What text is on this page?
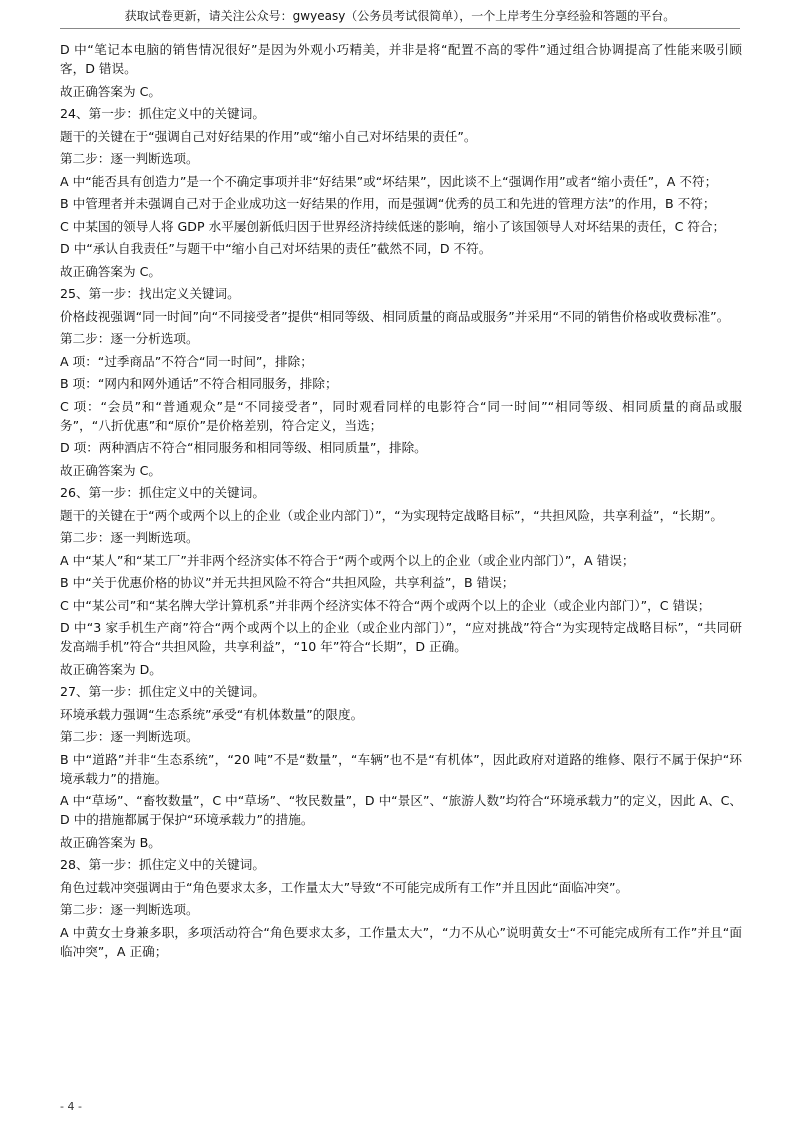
获取试卷更新，请关注公众号：gwyeasy（公务员考试很简单），一个上岸考生分享经验和答题的平台。

D 中“笔记本电脑的销售情况很好”是因为外观小巧精美，并非是将“配置不高的零件”通过组合协调提高了性能来吸引顾客，D 错误。

故正确答案为 C。

24、第一步：抓住定义中的关键词。

题干的关键在于“强调自己对好结果的作用”或“缩小自己对坏结果的责任”。

第二步：逐一判断选项。

A 中“能否具有创造力”是一个不确定事项并非“好结果”或“坏结果”，因此谈不上“强调作用”或者“缩小责任”，A 不符；

B 中管理者并未强调自己对于企业成功这一好结果的作用，而是强调“优秀的员工和先进的管理方法”的作用，B 不符；

C 中某国的领导人将 GDP 水平屡创新低归因于世界经济持续低迷的影响，缩小了该国领导人对坏结果的责任，C 符合；

D 中“承认自我责任”与题干中“缩小自己对坏结果的责任”截然不同，D 不符。

故正确答案为 C。

25、第一步：找出定义关键词。

价格歧视强调“同一时间”向“不同接受者”提供“相同等级、相同质量的商品或服务”并采用“不同的销售价格或收费标准”。

第二步：逐一分析选项。

A 项：“过季商品”不符合“同一时间”，排除；

B 项：“网内和网外通话”不符合相同服务，排除；

C 项：“会员”和“普通观众”是“不同接受者”，同时观看同样的电影符合“同一时间”“相同等级、相同质量的商品或服务”，“八折优惠”和“原价”是价格差别，符合定义，当选；

D 项：两种酒店不符合“相同服务和相同等级、相同质量”，排除。

故正确答案为 C。

26、第一步：抓住定义中的关键词。

题干的关键在于“两个或两个以上的企业（或企业内部门）”，“为实现特定战略目标”，“共担风险，共享利益”，“长期”。

第二步：逐一判断选项。

A 中“某人”和“某工厂”并非两个经济实体不符合于“两个或两个以上的企业（或企业内部门）”，A 错误；

B 中“关于优惠价格的协议”并无共担风险不符合“共担风险，共享利益”，B 错误；

C 中“某公司”和“某名牌大学计算机系”并非两个经济实体不符合“两个或两个以上的企业（或企业内部门）”，C 错误；

D 中“3 家手机生产商”符合“两个或两个以上的企业（或企业内部门）”，“应对挑战”符合“为实现特定战略目标”，“共同研发高端手机”符合“共担风险，共享利益”，“10 年”符合“长期”，D 正确。

故正确答案为 D。

27、第一步：抓住定义中的关键词。

环境承载力强调“生态系统”承受“有机体数量”的限度。

第二步：逐一判断选项。

B 中“道路”并非“生态系统”，“20 吨”不是“数量”，“车辆”也不是“有机体”，因此政府对道路的维修、限行不属于保护“环境承载力”的措施。

A 中“草场”、“畜牧数量”，C 中“草场”、“牧民数量”，D 中“景区”、“旅游人数”均符合“环境承载力”的定义，因此 A、C、D 中的措施都属于保护“环境承载力”的措施。

故正确答案为 B。

28、第一步：抓住定义中的关键词。

角色过载冲突强调由于“角色要求太多，工作量太大”导致“不可能完成所有工作”并且因此“面临冲突”。

第二步：逐一判断选项。

A 中黄女士身兼多职，多项活动符合“角色要求太多，工作量太大”，“力不从心”说明黄女士“不可能完成所有工作”并且“面临冲突”，A 正确；

- 4 -
